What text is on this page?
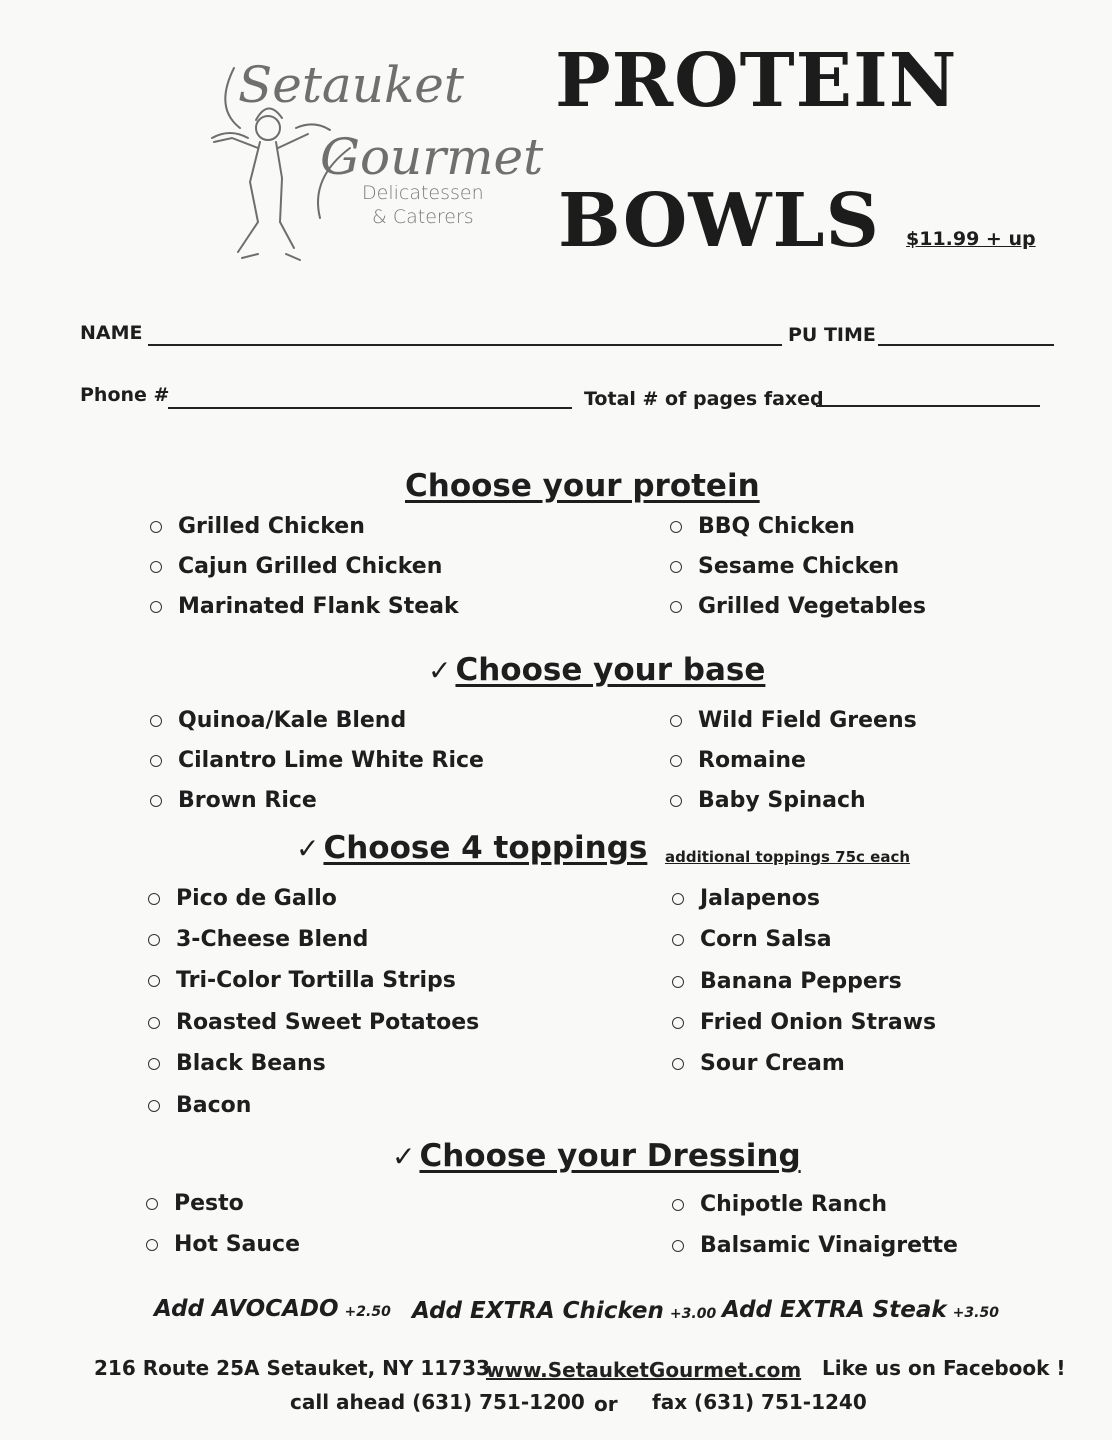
Setauket
Gourmet
Delicatessen
& Caterers
PROTEIN
BOWLS $11.99 + up
NAME	PU TIME
Phone #	Total # of pages faxed
Choose your protein
Grilled Chicken
Cajun Grilled Chicken
Marinated Flank Steak
BBQ Chicken
Sesame Chicken
Grilled Vegetables
✓ Choose your base
Quinoa/Kale Blend
Cilantro Lime White Rice
Brown Rice
Wild Field Greens
Romaine
Baby Spinach
✓ Choose 4 toppings additional toppings 75c each
Pico de Gallo
3-Cheese Blend
Tri-Color Tortilla Strips
Roasted Sweet Potatoes
Black Beans
Bacon
Jalapenos
Corn Salsa
Banana Peppers
Fried Onion Straws
Sour Cream
✓ Choose your Dressing
Pesto
Hot Sauce
Chipotle Ranch
Balsamic Vinaigrette
Add AVOCADO +2.50 Add EXTRA Chicken +3.00 Add EXTRA Steak +3.50
216 Route 25A Setauket, NY 11733
www.SetauketGourmet.com Like us on Facebook !
call ahead (631) 751-1200 or fax (631) 751-1240
